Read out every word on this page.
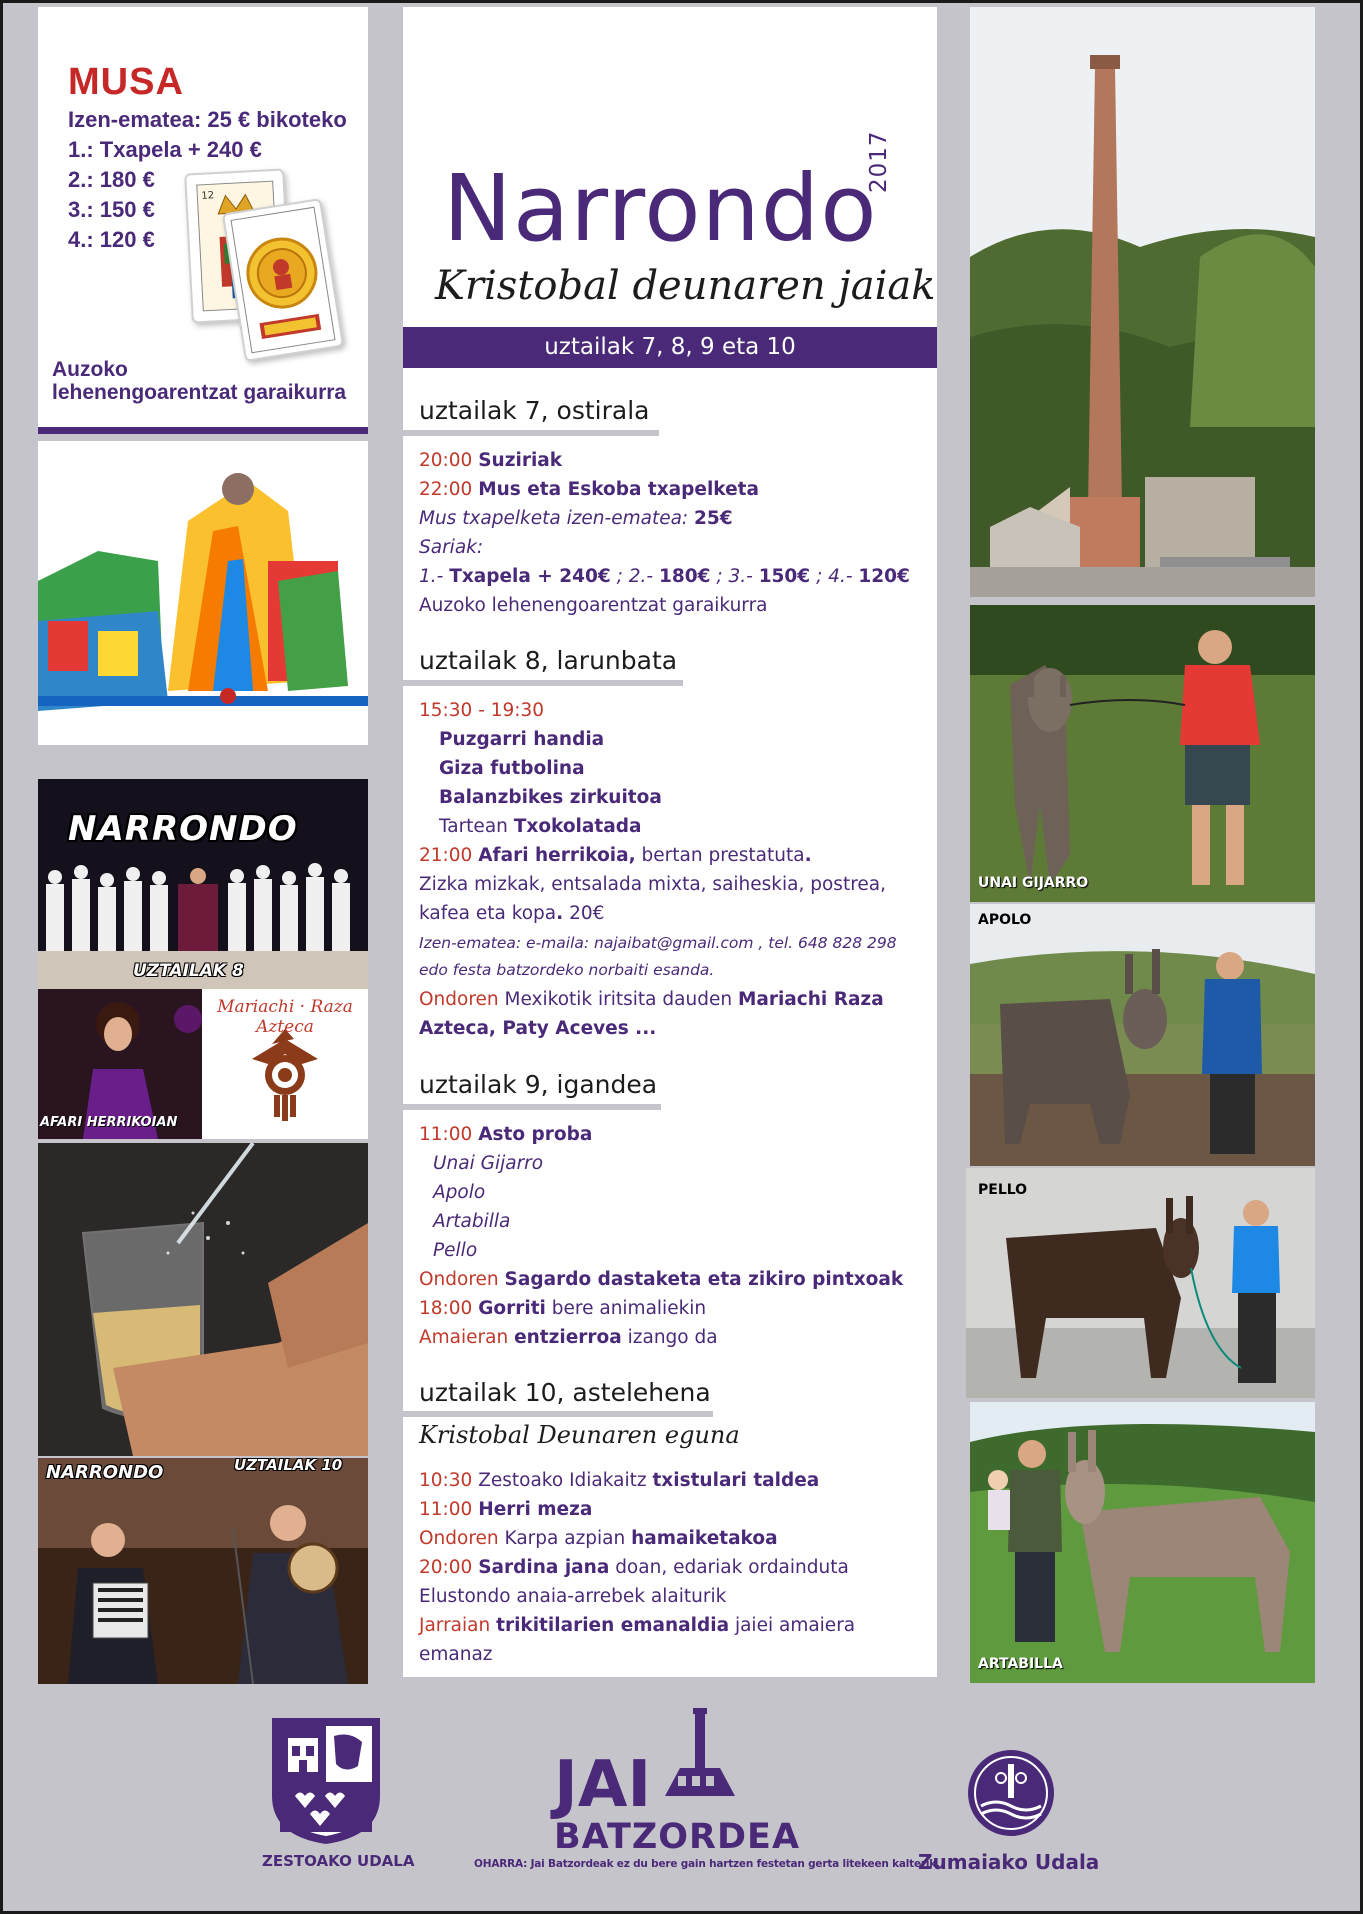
MUSA
Izen-ematea: 25 € bikoteko
1.: Txapela + 240 €
2.: 180 €
3.: 150 €
4.: 120 €
12
Auzoko
lehenengoarentzat garaikurra
NARRONDO
UZTAILAK 8
AFARI HERRIKOIAN
Mariachi · Raza Azteca
NARRONDO	UZTAILAK 10
Narrondo
2017
Kristobal deunaren jaiak
uztailak 7, 8, 9 eta 10
uztailak 7, ostirala
20:00 Suziriak
22:00 Mus eta Eskoba txapelketa
Mus txapelketa izen-ematea: 25€
Sariak:
1.- Txapela + 240€ ; 2.- 180€ ; 3.- 150€ ; 4.- 120€
Auzoko lehenengoarentzat garaikurra
uztailak 8, larunbata
15:30 - 19:30
Puzgarri handia
Giza futbolina
Balanzbikes zirkuitoa
Tartean Txokolatada
21:00 Afari herrikoia, bertan prestatuta.
Zizka mizkak, entsalada mixta, saiheskia, postrea,
kafea eta kopa. 20€
Izen-ematea: e-maila: najaibat@gmail.com , tel. 648 828 298
edo festa batzordeko norbaiti esanda.
Ondoren Mexikotik iritsita dauden Mariachi Raza
Azteca, Paty Aceves ...
uztailak 9, igandea
11:00 Asto proba
Unai Gijarro
Apolo
Artabilla
Pello
Ondoren Sagardo dastaketa eta zikiro pintxoak
18:00 Gorriti bere animaliekin
Amaieran entzierroa izango da
uztailak 10, astelehena
Kristobal Deunaren eguna
10:30 Zestoako Idiakaitz txistulari taldea
11:00 Herri meza
Ondoren Karpa azpian hamaiketakoa
20:00 Sardina jana doan, edariak ordainduta
Elustondo anaia-arrebek alaiturik
Jarraian trikitilarien emanaldia jaiei amaiera
emanaz
UNAI GIJARRO
APOLO
PELLO
ARTABILLA
ZESTOAKO UDALA
JAI
BATZORDEA
OHARRA: Jai Batzordeak ez du bere gain hartzen festetan gerta litekeen kalterik.
Zumaiako Udala
